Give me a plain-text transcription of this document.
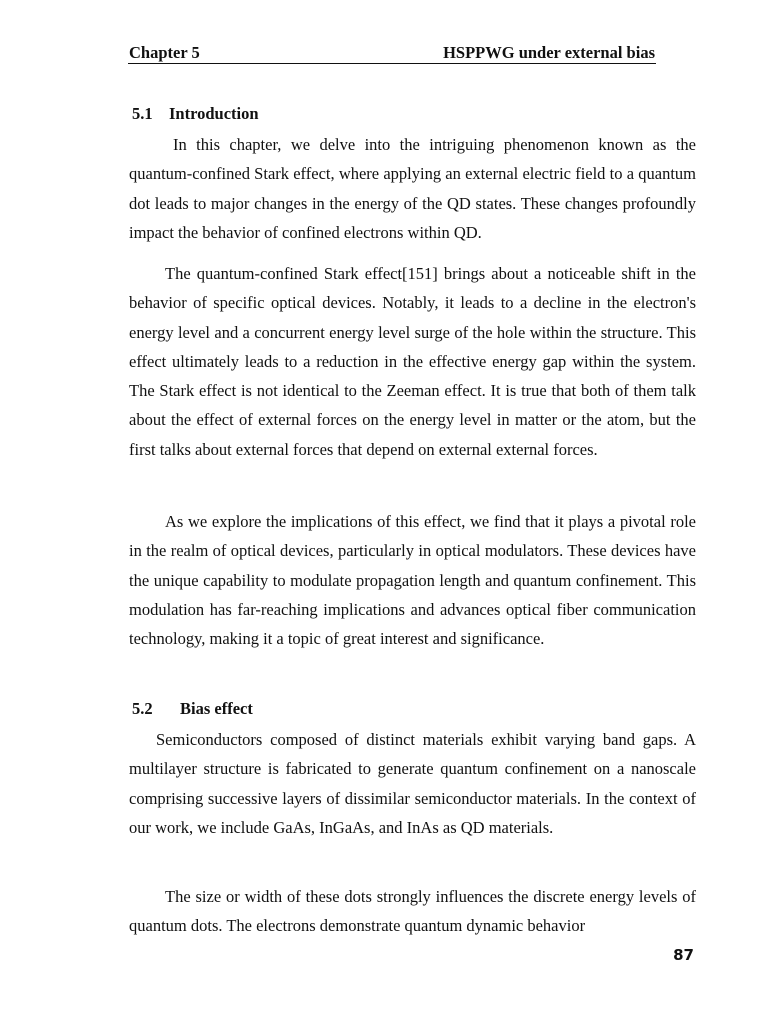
Chapter 5	HSPPWG under external bias
5.1 Introduction

In this chapter, we delve into the intriguing phenomenon known as the quantum-confined Stark effect, where applying an external electric field to a quantum dot leads to major changes in the energy of the QD states. These changes profoundly impact the behavior of confined electrons within QD.

The quantum-confined Stark effect[151] brings about a noticeable shift in the behavior of specific optical devices. Notably, it leads to a decline in the electron's energy level and a concurrent energy level surge of the hole within the structure. This effect ultimately leads to a reduction in the effective energy gap within the system. The Stark effect is not identical to the Zeeman effect. It is true that both of them talk about the effect of external forces on the energy level in matter or the atom, but the first talks about external forces that depend on external external forces.

As we explore the implications of this effect, we find that it plays a pivotal role in the realm of optical devices, particularly in optical modulators. These devices have the unique capability to modulate propagation length and quantum confinement. This modulation has far-reaching implications and advances optical fiber communication technology, making it a topic of great interest and significance.

5.2 Bias effect

Semiconductors composed of distinct materials exhibit varying band gaps. A multilayer structure is fabricated to generate quantum confinement on a nanoscale comprising successive layers of dissimilar semiconductor materials. In the context of our work, we include GaAs, InGaAs, and InAs as QD materials.

The size or width of these dots strongly influences the discrete energy levels of quantum dots. The electrons demonstrate quantum dynamic behavior

87
